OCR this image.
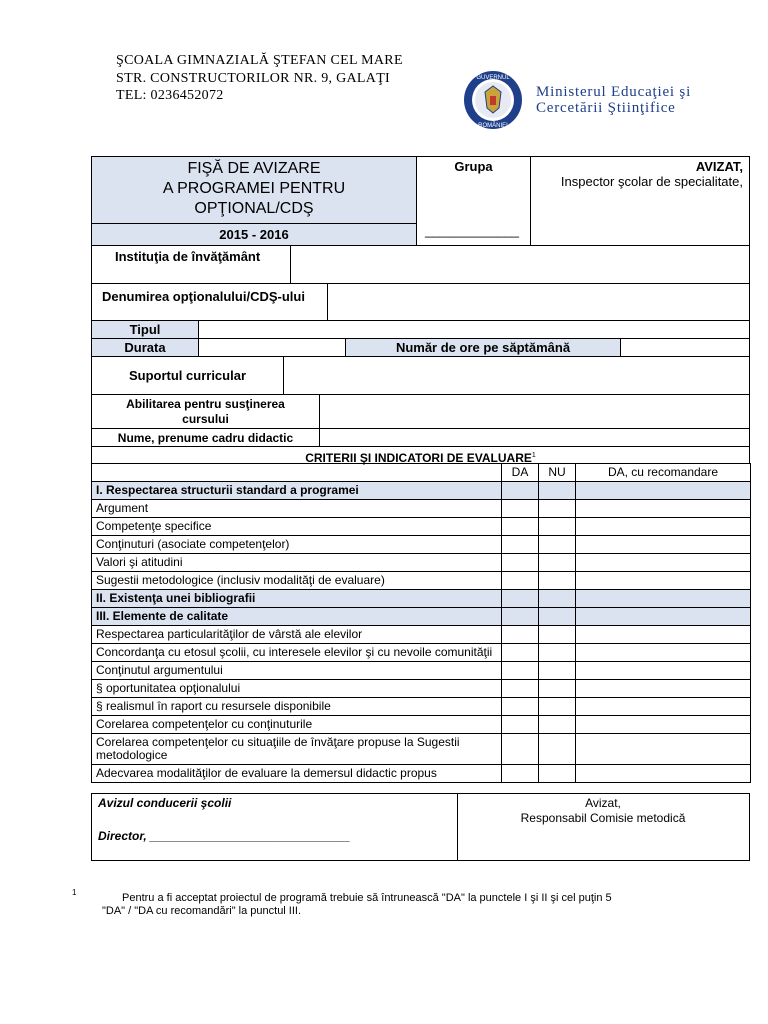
ŞCOALA GIMNAZIALĂ ŞTEFAN CEL MARE
STR. CONSTRUCTORILOR NR. 9, GALAŢI
TEL: 0236452072
GUVERNUL
ROMÂNIEI
Ministerul Educaţiei şi
Cercetării Ştiinţifice
FIŞĂ DE AVIZARE
A PROGRAMEI PENTRU
OPŢIONAL/CDŞ
2015 - 2016
Grupa
_____________
AVIZAT,
Inspector şcolar de specialitate,
Instituţia de învăţământ
Denumirea opţionalului/CDŞ-ului
Tipul
Durata	Număr de ore pe săptămână
Suportul curricular
Abilitarea pentru susţinerea cursului
Nume, prenume cadru didactic
CRITERII ŞI INDICATORI DE EVALUARE$^1$
	DA	NU	DA, cu recomandare
I. Respectarea structurii standard a programei			
Argument			
Competenţe specifice			
Conţinuturi (asociate competenţelor)			
Valori şi atitudini			
Sugestii metodologice (inclusiv modalităţi de evaluare)			
II. Existenţa unei bibliografii			
III. Elemente de calitate			
Respectarea particularităţilor de vârstă ale elevilor			
Concordanţa cu etosul şcolii, cu interesele elevilor şi cu nevoile comunităţii			
Conţinutul argumentului			
§ oportunitatea opţionalului			
§ realismul în raport cu resursele disponibile			
Corelarea competenţelor cu conţinuturile			
Corelarea competenţelor cu situaţiile de învăţare propuse la Sugestii metodologice			
Adecvarea modalităţilor de evaluare la demersul didactic propus			
Avizul conducerii şcolii
Director, ______________________________
Avizat,
Responsabil Comisie metodică
1	Pentru a fi acceptat proiectul de programă trebuie să întrunească "DA" la punctele I şi II şi cel puţin 5
"DA" / "DA cu recomandări" la punctul III.
